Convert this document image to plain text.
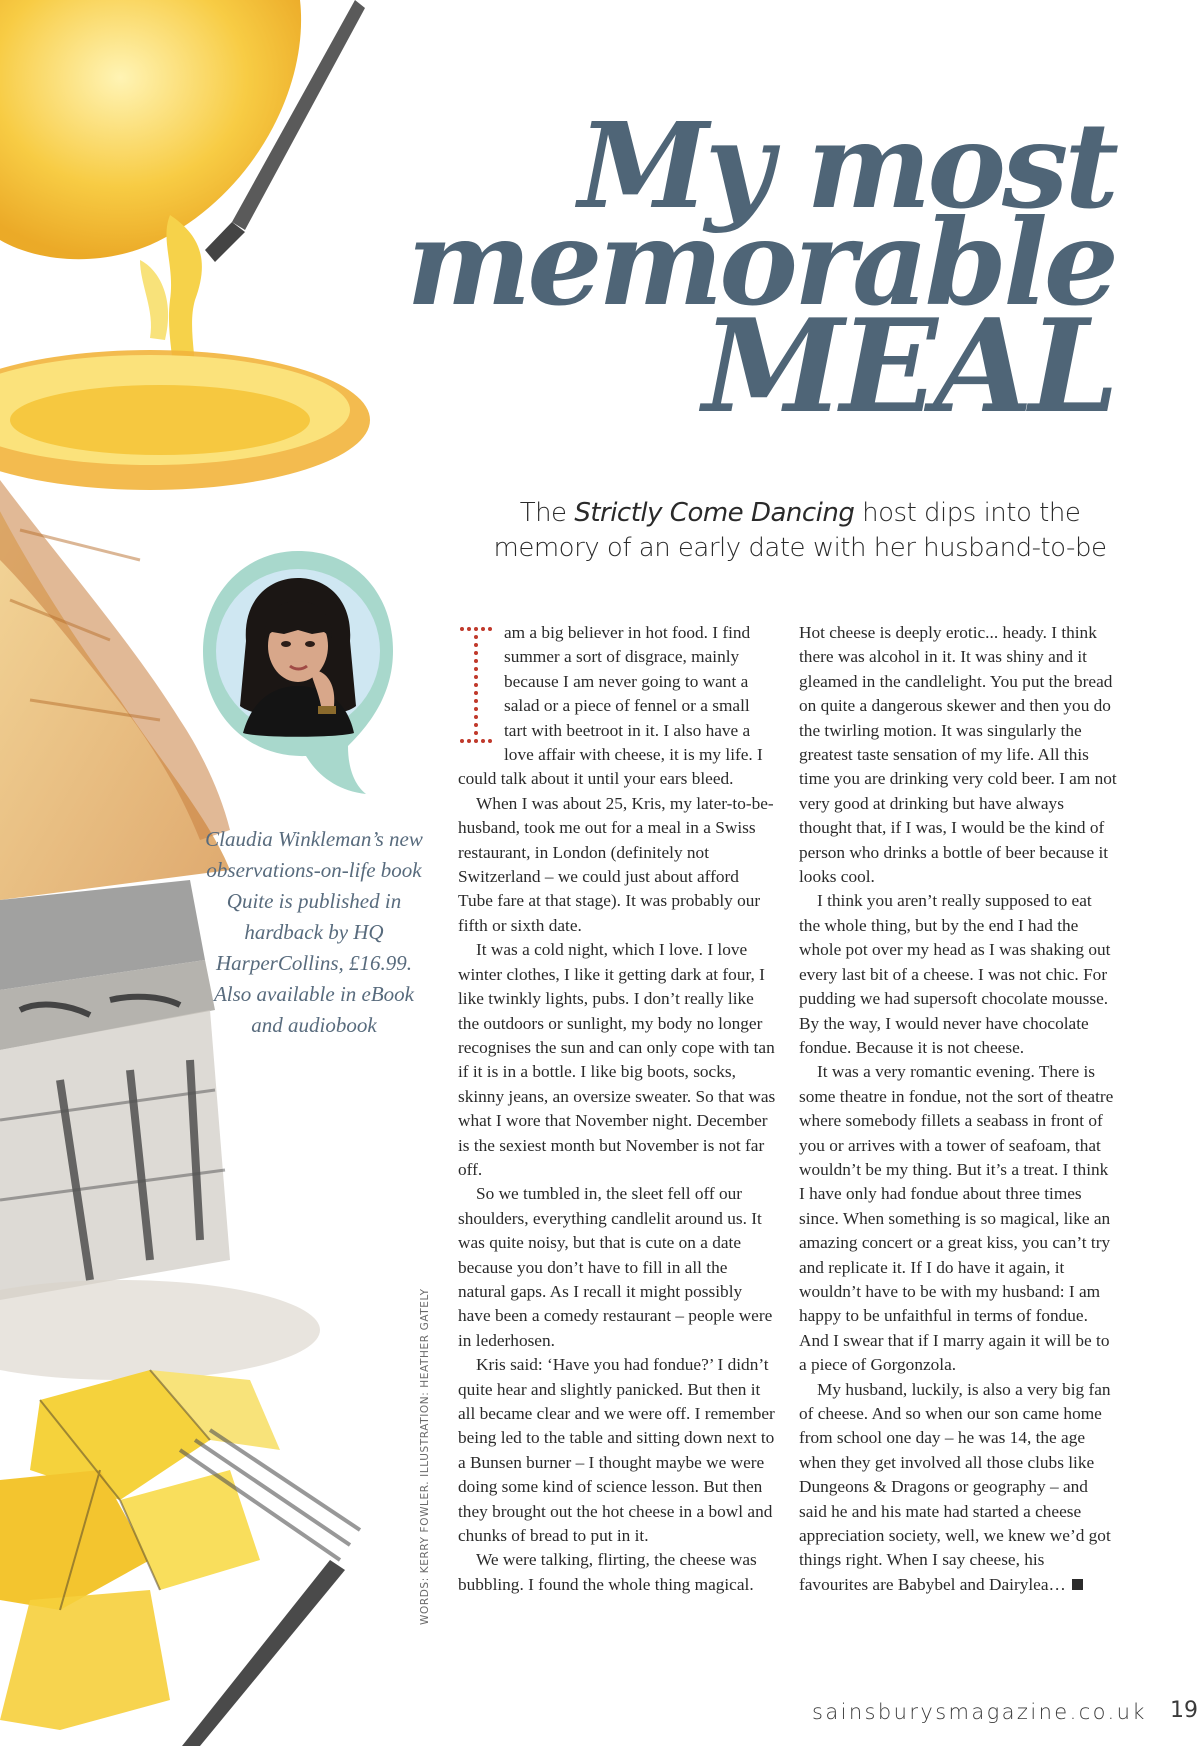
My most
memorable
MEAL
The Strictly Come Dancing host dips into the memory of an early date with her husband-to-be
Claudia Winkleman’s new observations-on-life book Quite is published in hardback by HQ HarperCollins, £16.99. Also available in eBook and audiobook
WORDS: KERRY FOWLER. ILLUSTRATION: HEATHER GATELY

am a big believer in hot food. I find summer a sort of disgrace, mainly because I am never going to want a salad or a piece of fennel or a small tart with beetroot in it. I also have a love affair with cheese, it is my life. I could talk about it until your ears bleed.

When I was about 25, Kris, my later-to-be-husband, took me out for a meal in a Swiss restaurant, in London (definitely not Switzerland – we could just about afford Tube fare at that stage). It was probably our fifth or sixth date.

It was a cold night, which I love. I love winter clothes, I like it getting dark at four, I like twinkly lights, pubs. I don’t really like the outdoors or sunlight, my body no longer recognises the sun and can only cope with tan if it is in a bottle. I like big boots, socks, skinny jeans, an oversize sweater. So that was what I wore that November night. December is the sexiest month but November is not far off.

So we tumbled in, the sleet fell off our shoulders, everything candlelit around us. It was quite noisy, but that is cute on a date because you don’t have to fill in all the natural gaps. As I recall it might possibly have been a comedy restaurant – people were in lederhosen.

Kris said: ‘Have you had fondue?’ I didn’t quite hear and slightly panicked. But then it all became clear and we were off. I remember being led to the table and sitting down next to a Bunsen burner – I thought maybe we were doing some kind of science lesson. But then they brought out the hot cheese in a bowl and chunks of bread to put in it.

We were talking, flirting, the cheese was bubbling. I found the whole thing magical.

Hot cheese is deeply erotic... heady. I think there was alcohol in it. It was shiny and it gleamed in the candlelight. You put the bread on quite a dangerous skewer and then you do the twirling motion. It was singularly the greatest taste sensation of my life. All this time you are drinking very cold beer. I am not very good at drinking but have always thought that, if I was, I would be the kind of person who drinks a bottle of beer because it looks cool.

I think you aren’t really supposed to eat the whole thing, but by the end I had the whole pot over my head as I was shaking out every last bit of a cheese. I was not chic. For pudding we had supersoft chocolate mousse. By the way, I would never have chocolate fondue. Because it is not cheese.

It was a very romantic evening. There is some theatre in fondue, not the sort of theatre where somebody fillets a seabass in front of you or arrives with a tower of seafoam, that wouldn’t be my thing. But it’s a treat. I think I have only had fondue about three times since. When something is so magical, like an amazing concert or a great kiss, you can’t try and replicate it. If I do have it again, it wouldn’t have to be with my husband: I am happy to be unfaithful in terms of fondue. And I swear that if I marry again it will be to a piece of Gorgonzola.

My husband, luckily, is also a very big fan of cheese. And so when our son came home from school one day – he was 14, the age when they get involved all those clubs like Dungeons & Dragons or geography – and said he and his mate had started a cheese appreciation society, well, we knew we’d got things right. When I say cheese, his favourites are Babybel and Dairylea…

sainsburysmagazine.co.uk 19
